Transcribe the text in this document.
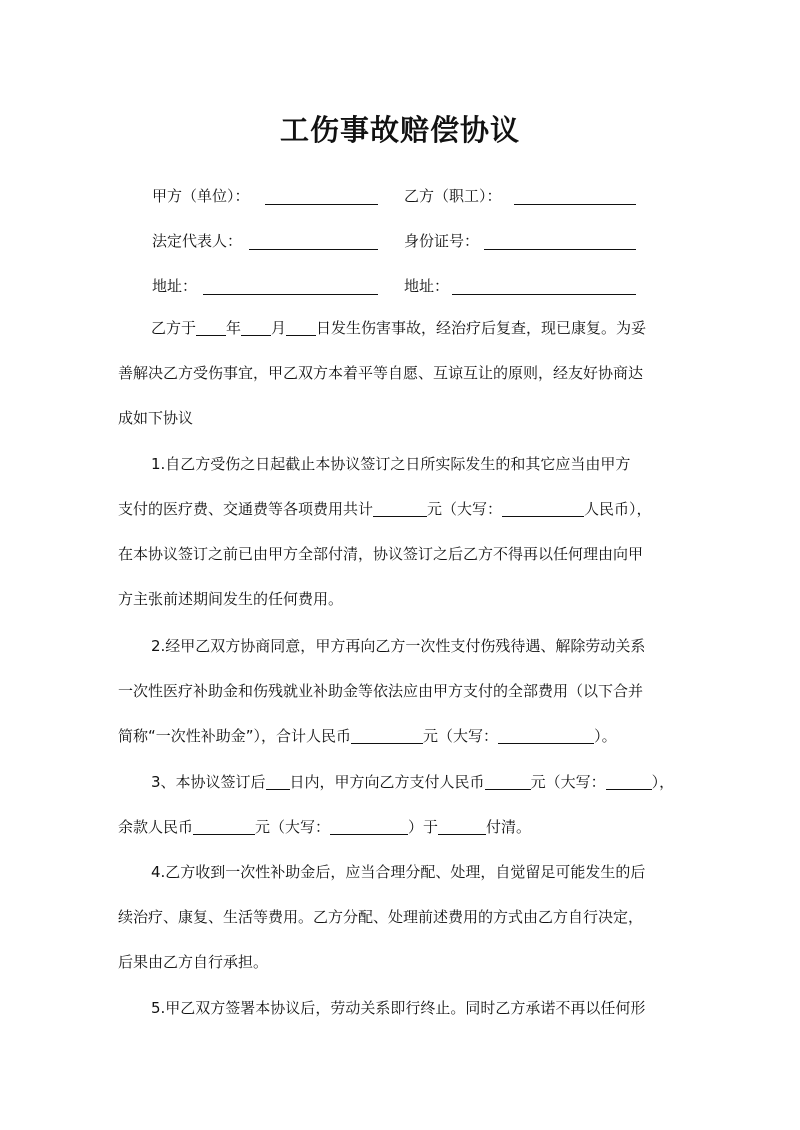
工伤事故赔偿协议
甲方（单位）：	乙方（职工）：
法定代表人：	身份证号：
地址：	地址：
乙方于 年 月 日发生伤害事故，经治疗后复查，现已康复。为妥
善解决乙方受伤事宜，甲乙双方本着平等自愿、互谅互让的原则，经友好协商达
成如下协议
1.自乙方受伤之日起截止本协议签订之日所实际发生的和其它应当由甲方
支付的医疗费、交通费等各项费用共计	元（大写：	人民币），
在本协议签订之前已由甲方全部付清，协议签订之后乙方不得再以任何理由向甲
方主张前述期间发生的任何费用。
2.经甲乙双方协商同意，甲方再向乙方一次性支付伤残待遇、解除劳动关系
一次性医疗补助金和伤残就业补助金等依法应由甲方支付的全部费用（以下合并
简称“一次性补助金”），合计人民币	元（大写：	）。
3、本协议签订后 日内，甲方向乙方支付人民币	元（大写：	），
余款人民币	元（大写：	）于	付清。
4.乙方收到一次性补助金后，应当合理分配、处理，自觉留足可能发生的后
续治疗、康复、生活等费用。乙方分配、处理前述费用的方式由乙方自行决定，
后果由乙方自行承担。
5.甲乙双方签署本协议后，劳动关系即行终止。同时乙方承诺不再以任何形
